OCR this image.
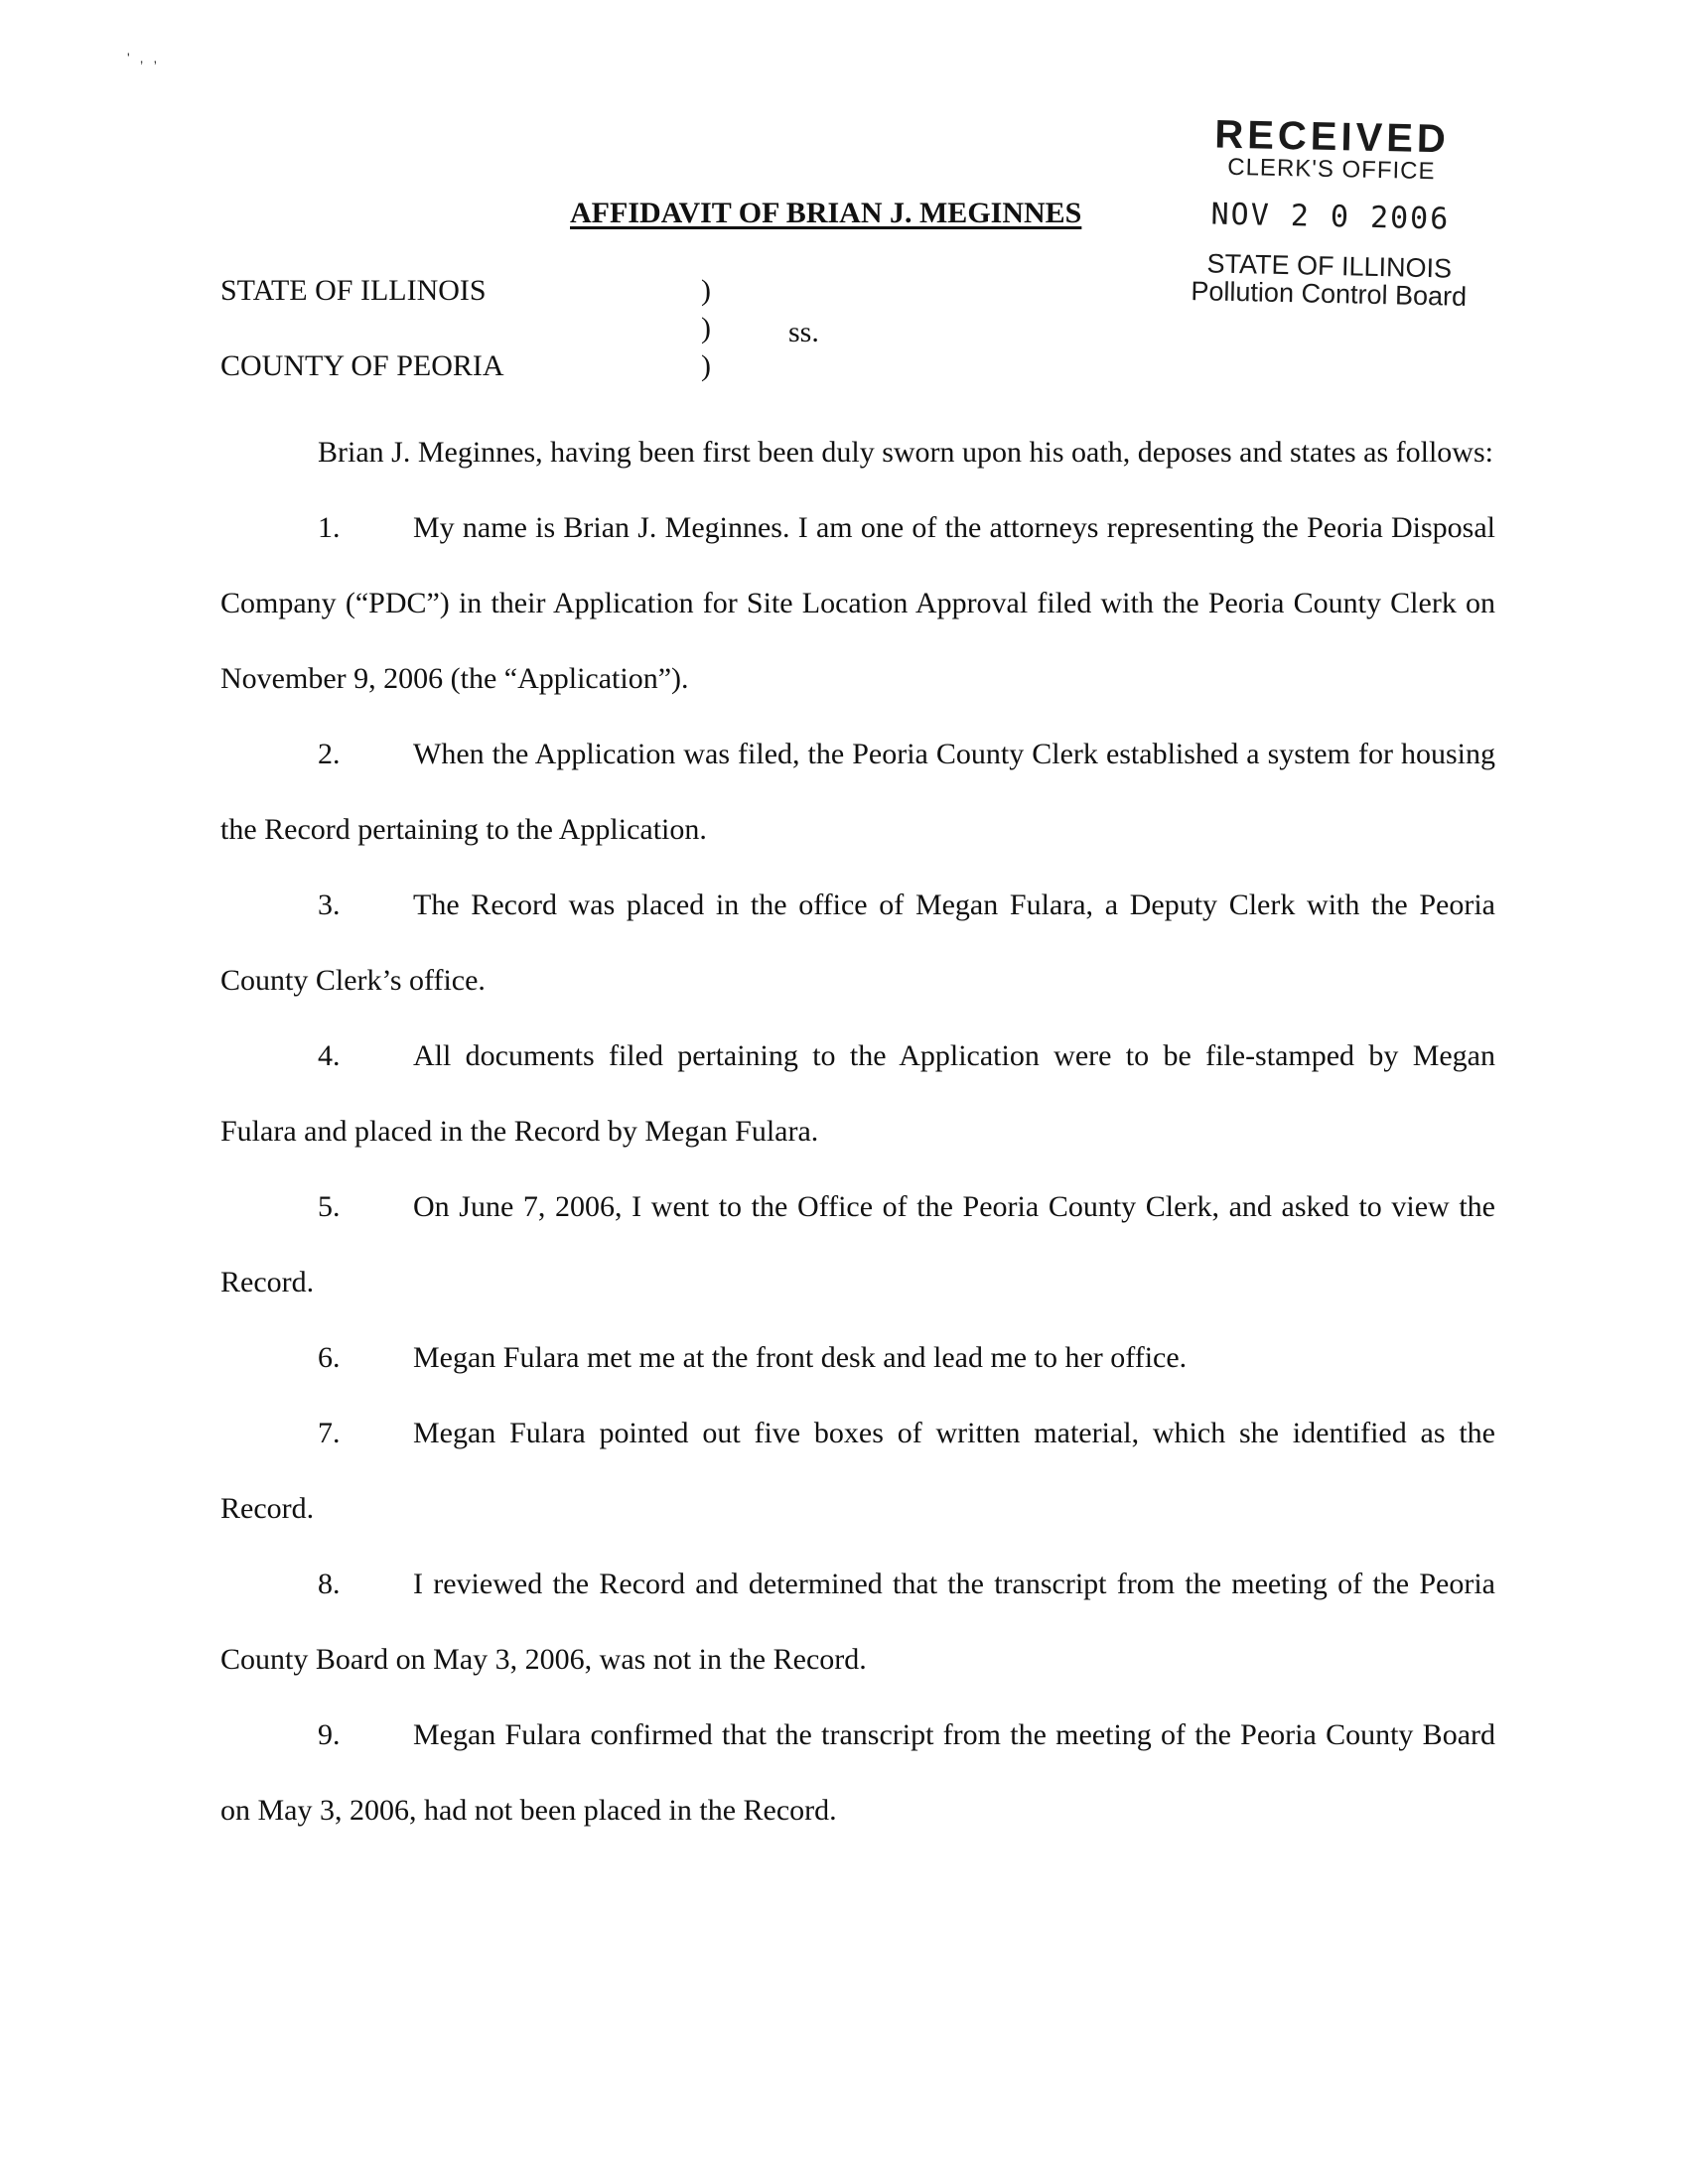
' , ,
RECEIVED
CLERK'S OFFICE
NOV 2 0 2006
STATE OF ILLINOIS
Pollution Control Board
AFFIDAVIT OF BRIAN J. MEGINNES
STATE OF ILLINOIS
COUNTY OF PEORIA
)
)
)
ss.

Brian J. Meginnes, having been first been duly sworn upon his oath, deposes and states as follows:

1. My name is Brian J. Meginnes. I am one of the attorneys representing the Peoria Disposal Company (“PDC”) in their Application for Site Location Approval filed with the Peoria County Clerk on November 9, 2006 (the “Application”).

2. When the Application was filed, the Peoria County Clerk established a system for housing the Record pertaining to the Application.

3. The Record was placed in the office of Megan Fulara, a Deputy Clerk with the Peoria County Clerk’s office.

4. All documents filed pertaining to the Application were to be file-stamped by Megan Fulara and placed in the Record by Megan Fulara.

5. On June 7, 2006, I went to the Office of the Peoria County Clerk, and asked to view the Record.

6. Megan Fulara met me at the front desk and lead me to her office.

7. Megan Fulara pointed out five boxes of written material, which she identified as the Record.

8. I reviewed the Record and determined that the transcript from the meeting of the Peoria County Board on May 3, 2006, was not in the Record.

9. Megan Fulara confirmed that the transcript from the meeting of the Peoria County Board on May 3, 2006, had not been placed in the Record.
